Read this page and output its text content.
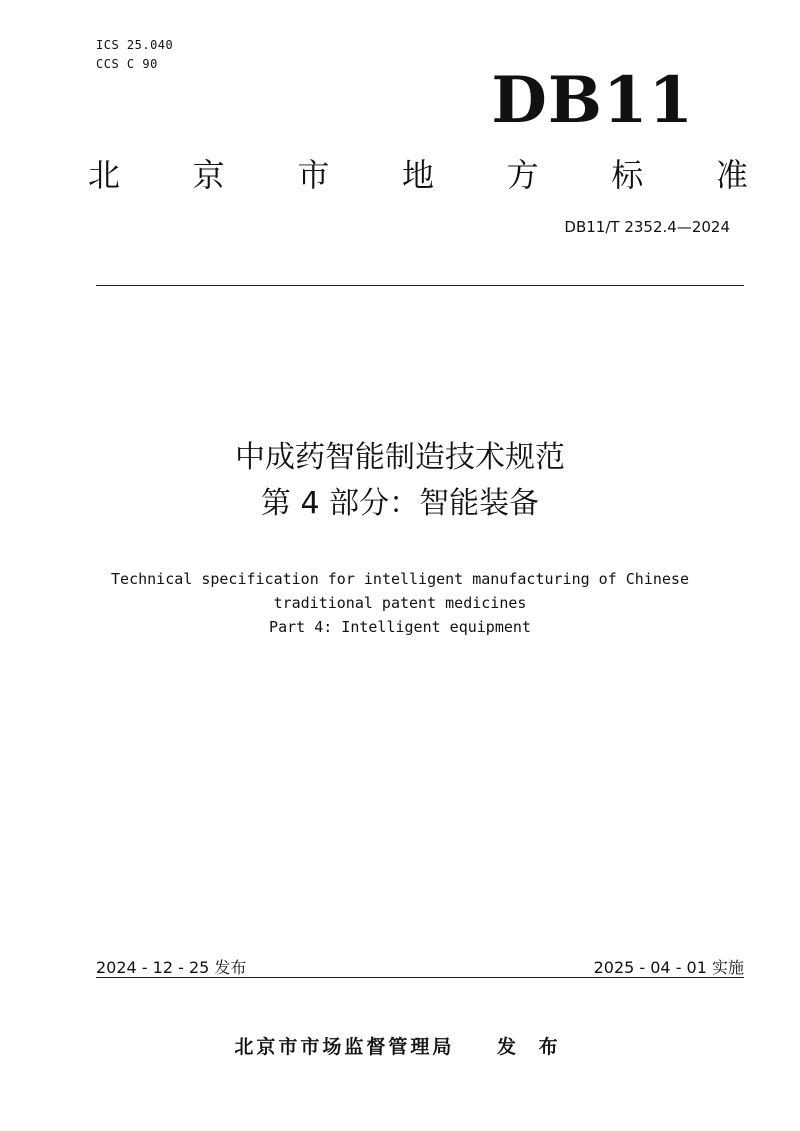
ICS 25.040
CCS C 90	DB11
北 京 市 地 方 标 准
DB11/T 2352.4—2024
中成药智能制造技术规范
第 4 部分：智能装备
Technical specification for intelligent manufacturing of Chinese
traditional patent medicines
Part 4: Intelligent equipment
2024 - 12 - 25 发布	2025 - 04 - 01 实施
北京市市场监督管理局 发 布
